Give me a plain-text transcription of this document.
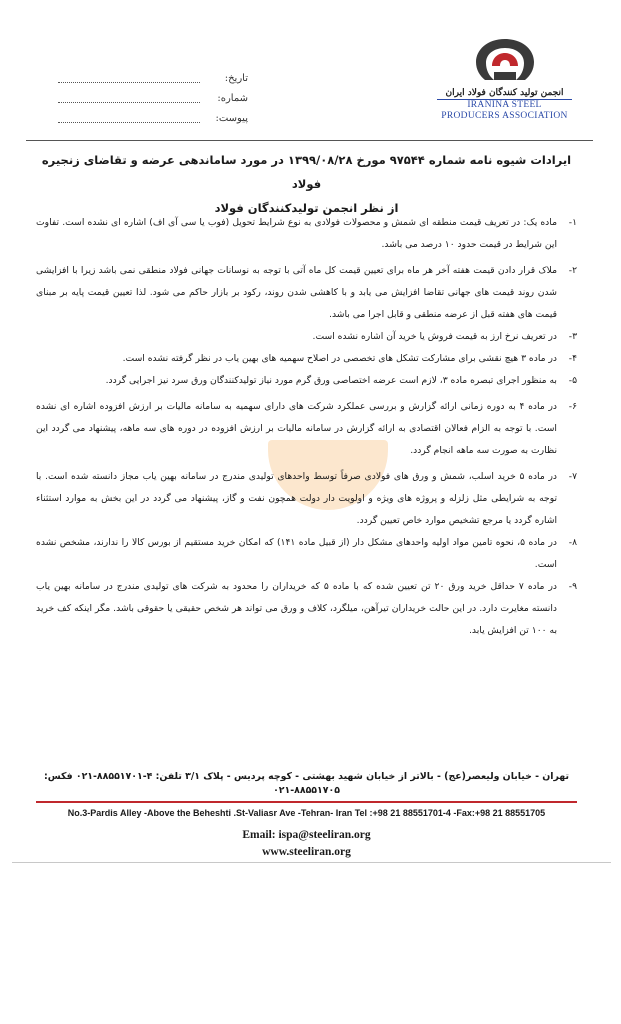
تاریخ:
شماره:
پیوست:
انجمن تولید کنندگان فولاد ایران
IRANINA STEEL
PRODUCERS ASSOCIATION
ایرادات شیوه نامه شماره ۹۷۵۴۴ مورخ ۱۳۹۹/۰۸/۲۸ در مورد ساماندهی عرضه و تقاضای زنجیره فولاد
از نظر انجمن تولیدکنندگان فولاد
۱-
ماده یک: در تعریف قیمت منطقه ای شمش و محصولات فولادی به نوع شرایط تحویل (فوب یا سی آی اف) اشاره ای نشده است. تفاوت این شرایط در قیمت حدود ۱۰ درصد می باشد.
۲-
ملاک قرار دادن قیمت هفته آخر هر ماه برای تعیین قیمت کل ماه آتی با توجه به نوسانات جهانی فولاد منطقی نمی باشد زیرا با افزایشی شدن روند قیمت های جهانی تقاضا افزایش می یابد و با کاهشی شدن روند، رکود بر بازار حاکم می شود. لذا تعیین قیمت پایه بر مبنای قیمت های هفته قبل از عرضه منطقی و قابل اجرا می باشد.
۳-
در تعریف نرخ ارز به قیمت فروش یا خرید آن اشاره نشده است.
۴-
در ماده ۳ هیچ نقشی برای مشارکت تشکل های تخصصی در اصلاح سهمیه های بهین یاب در نظر گرفته نشده است.
۵-
به منظور اجرای تبصره ماده ۳، لازم است عرضه اختصاصی ورق گرم مورد نیاز تولیدکنندگان ورق سرد نیز اجرایی گردد.
۶-
در ماده ۴ به دوره زمانی ارائه گزارش و بررسی عملکرد شرکت های دارای سهمیه به سامانه مالیات بر ارزش افزوده اشاره ای نشده است. با توجه به الزام فعالان اقتصادی به ارائه گزارش در سامانه مالیات بر ارزش افزوده در دوره های سه ماهه، پیشنهاد می گردد این نظارت به صورت سه ماهه انجام گردد.
۷-
در ماده ۵ خرید اسلب، شمش و ورق های فولادی صرفاً توسط واحدهای تولیدی مندرج در سامانه بهین یاب مجاز دانسته شده است. با توجه به شرایطی مثل زلزله و پروژه های ویژه و اولویت دار دولت همچون نفت و گاز، پیشنهاد می گردد در این بخش به موارد استثناء اشاره گردد یا مرجع تشخیص موارد خاص تعیین گردد.
۸-
در ماده ۵، نحوه تامین مواد اولیه واحدهای مشکل دار (از قبیل ماده ۱۴۱) که امکان خرید مستقیم از بورس کالا را ندارند، مشخص نشده است.
۹-
در ماده ۷ حداقل خرید ورق ۲۰ تن تعیین شده که با ماده ۵ که خریداران را محدود به شرکت های تولیدی مندرج در سامانه بهین یاب دانسته مغایرت دارد. در این حالت خریداران تیرآهن، میلگرد، کلاف و ورق می تواند هر شخص حقیقی یا حقوقی باشد. مگر اینکه کف خرید به ۱۰۰ تن افزایش یابد.
تهران - خیابان ولیعصر(عج) - بالاتر از خیابان شهید بهشتی - کوچه پردیس - پلاک ۳/۱ تلفن: ۴-۸۸۵۵۱۷۰۱-۰۲۱ فکس: ۸۸۵۵۱۷۰۵-۰۲۱
No.3-Pardis Alley -Above the Beheshti .St-Valiasr Ave -Tehran- Iran Tel :+98 21 88551701-4 -Fax:+98 21 88551705
Email: ispa@steeliran.org
www.steeliran.org
